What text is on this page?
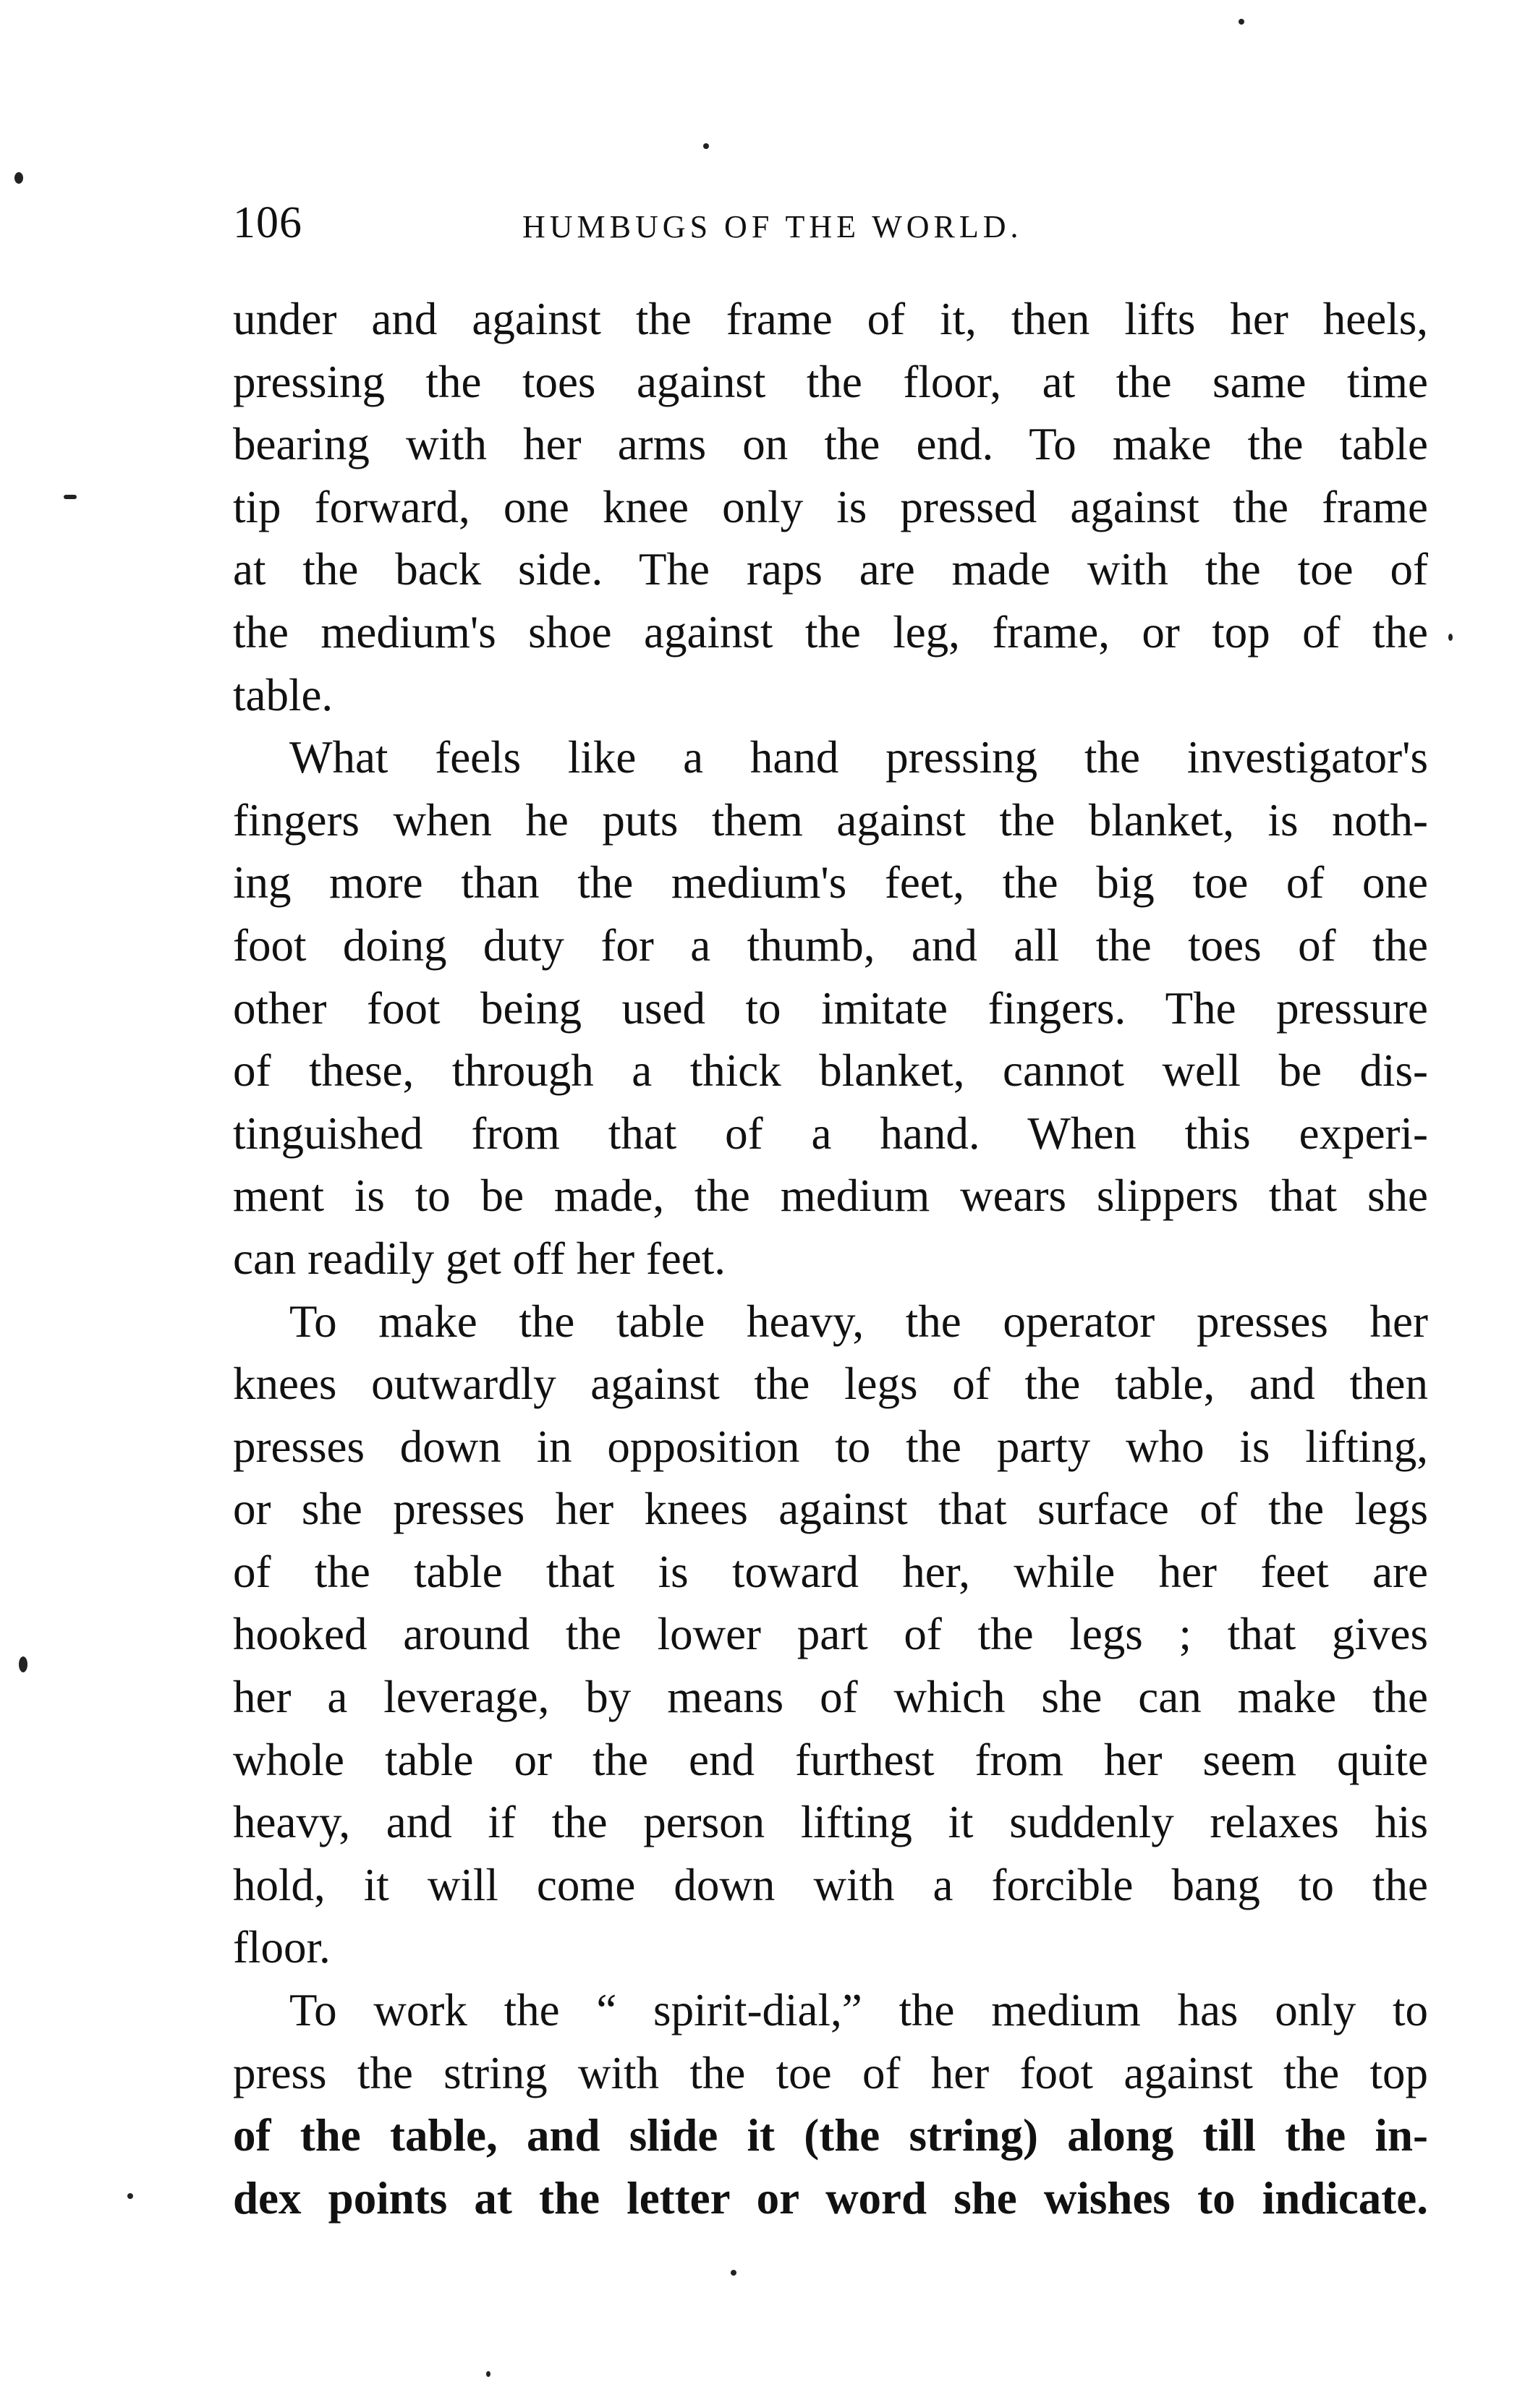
106	HUMBUGS OF THE WORLD.
under and against the frame of it, then lifts her heels,
pressing the toes against the floor, at the same time
bearing with her arms on the end. To make the table
tip forward, one knee only is pressed against the frame
at the back side. The raps are made with the toe of
the medium's shoe against the leg, frame, or top of the
table.
What feels like a hand pressing the investigator's
fingers when he puts them against the blanket, is noth-
ing more than the medium's feet, the big toe of one
foot doing duty for a thumb, and all the toes of the
other foot being used to imitate fingers. The pressure
of these, through a thick blanket, cannot well be dis-
tinguished from that of a hand. When this experi-
ment is to be made, the medium wears slippers that she
can readily get off her feet.
To make the table heavy, the operator presses her
knees outwardly against the legs of the table, and then
presses down in opposition to the party who is lifting,
or she presses her knees against that surface of the legs
of the table that is toward her, while her feet are
hooked around the lower part of the legs ; that gives
her a leverage, by means of which she can make the
whole table or the end furthest from her seem quite
heavy, and if the person lifting it suddenly relaxes his
hold, it will come down with a forcible bang to the
floor.
To work the “ spirit-dial,” the medium has only to
press the string with the toe of her foot against the top
of the table, and slide it (the string) along till the in-
dex points at the letter or word she wishes to indicate.
